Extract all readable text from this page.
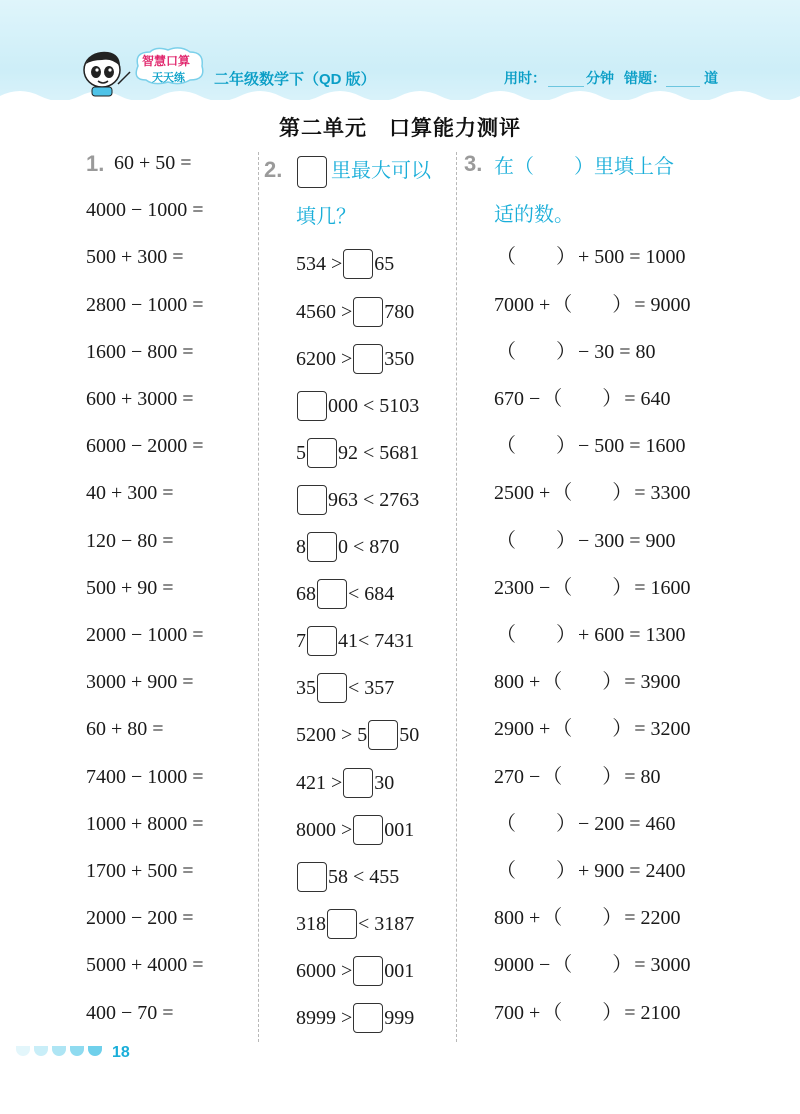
智慧口算
天天练 二年级数学下（QD 版）	用时：	分钟 错题：	道
第二单元　口算能力测评
1. 60 + 50 =
4000 − 1000 =
500 + 300 =
2800 − 1000 =
1600 − 800 =
600 + 3000 =
6000 − 2000 =
40 + 300 =
120 − 80 =
500 + 90 =
2000 − 1000 =
3000 + 900 =
60 + 80 =
7400 − 1000 =
1000 + 8000 =
1700 + 500 =
2000 − 200 =
5000 + 4000 =
400 − 70 =
2.	里最大可以
填几？
534 > 65
4560 > 780
6200 > 350
000 < 5103
5 92 < 5681
963 < 2763
8 0 < 870
68 < 684
7 41< 7431
35 < 357
5200 > 5 50
421 > 30
8000 > 001
58 < 455
318 < 3187
6000 > 001
8999 > 999
3. 在（　　）里填上合
适的数。
（　　） + 500 = 1000
7000 + （　　） = 9000
（　　） − 30 = 80
670 − （　　） = 640
（　　） − 500 = 1600
2500 + （　　） = 3300
（　　） − 300 = 900
2300 − （　　） = 1600
（　　） + 600 = 1300
800 + （　　） = 3900
2900 + （　　） = 3200
270 − （　　） = 80
（　　） − 200 = 460
（　　） + 900 = 2400
800 + （　　） = 2200
9000 − （　　） = 3000
700 + （　　） = 2100
18
